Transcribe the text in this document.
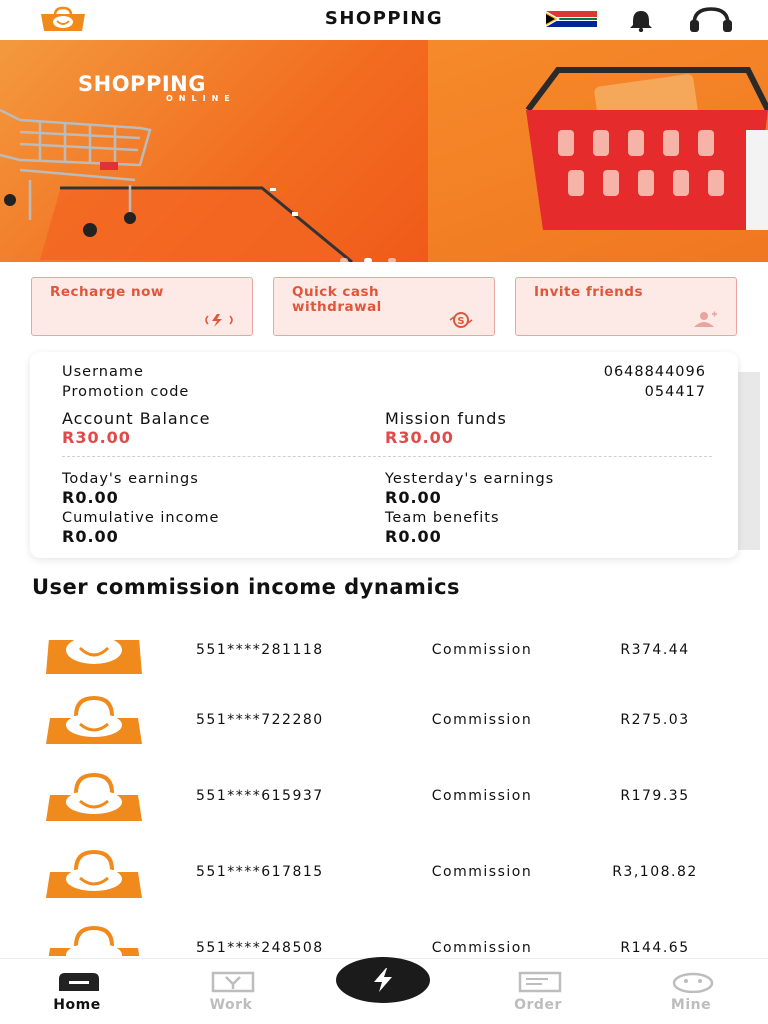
SHOPPING
SHOPPING
ONLINE
Recharge now	Quick cash withdrawal
S
Invite friends
Username	0648844096
Promotion code	054417
Account Balance
R30.00
Mission funds
R30.00
Today's earnings
R0.00
Yesterday's earnings
R0.00
Cumulative income
R0.00
Team benefits
R0.00
User commission income dynamics
551****281118	Commission	R374.44
551****722280	Commission	R275.03
551****615937	Commission	R179.35
551****617815	Commission	R3,108.82
551****248508	Commission	R144.65
Home	Work	Order	Mine
